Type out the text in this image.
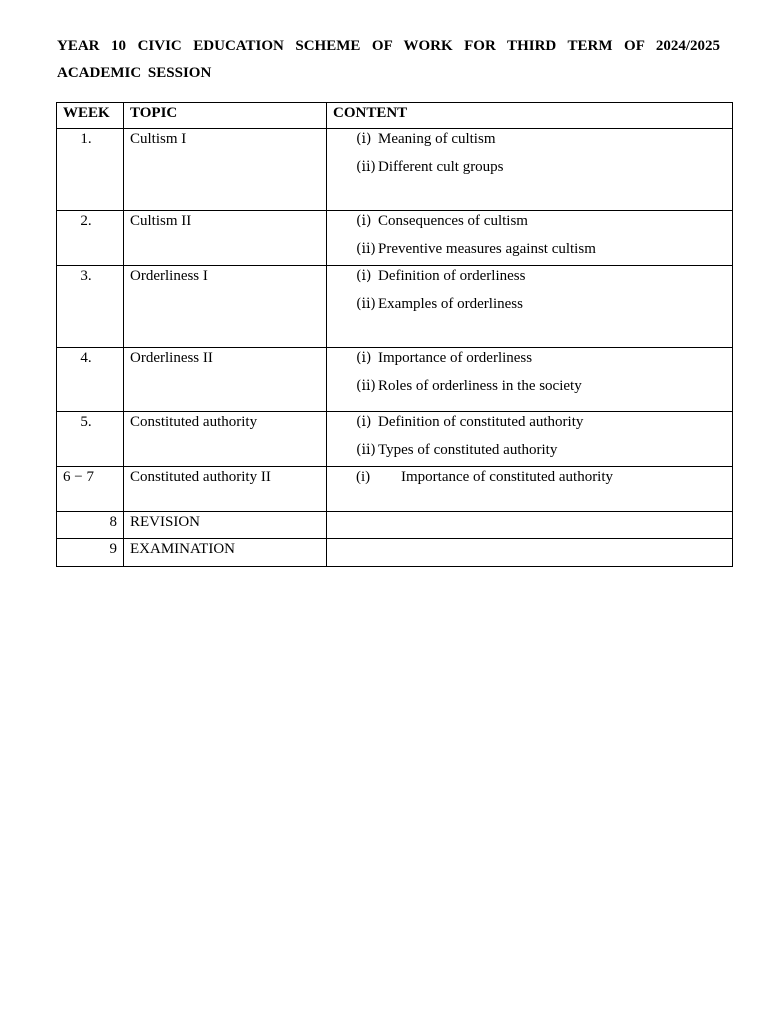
YEAR 10 CIVIC EDUCATION SCHEME OF WORK FOR THIRD TERM OF 2024/2025 ACADEMIC SESSION
WEEK	TOPIC	CONTENT
1.	Cultism I	(i) Meaning of cultism
(ii) Different cult groups

2.	Cultism II	(i) Consequences of cultism
(ii) Preventive measures against cultism

3.	Orderliness I	(i) Definition of orderliness
(ii) Examples of orderliness

4.	Orderliness II	(i) Importance of orderliness
(ii) Roles of orderliness in the society

5.	Constituted authority	(i) Definition of constituted authority
(ii) Types of constituted authority

6 − 7	Constituted authority II	(i) Importance of constituted authority

8	REVISION	
9	EXAMINATION	
